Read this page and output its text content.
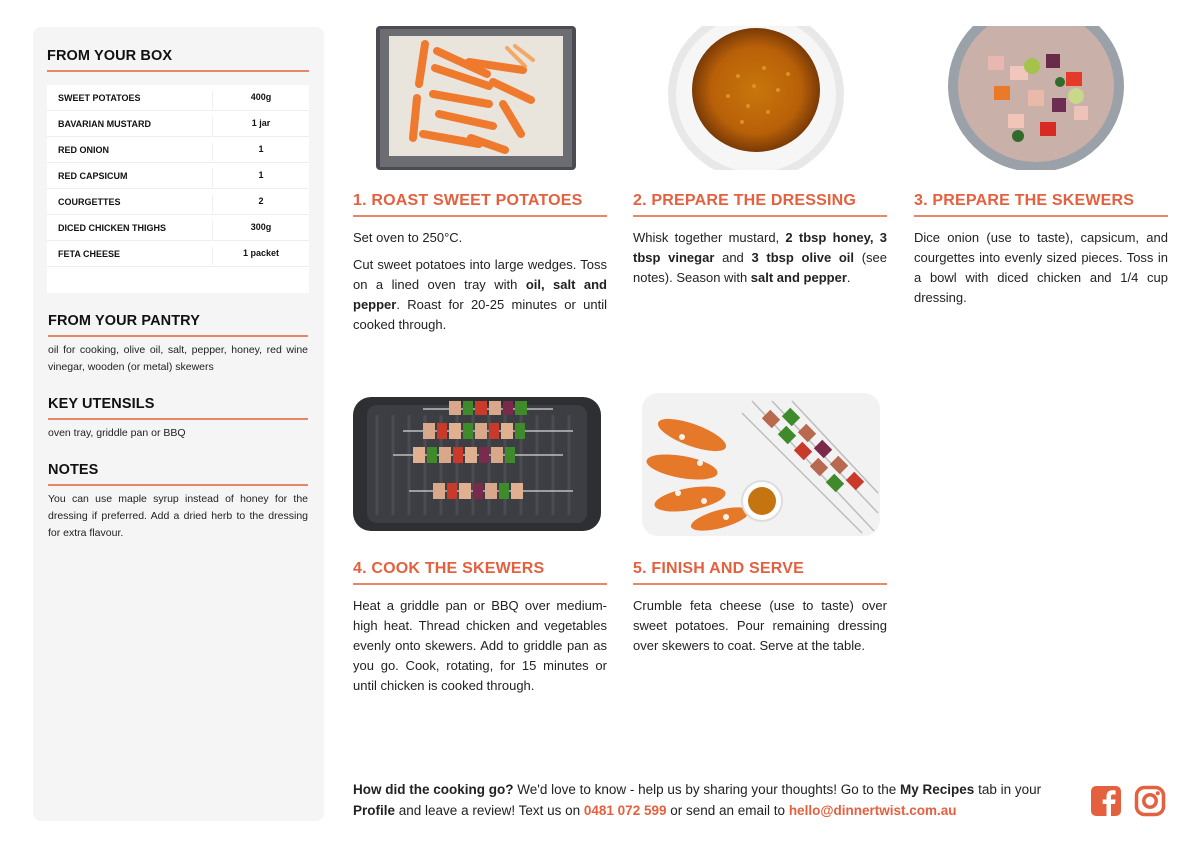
FROM YOUR BOX
SWEET POTATOES	400g
BAVARIAN MUSTARD	1 jar
RED ONION	1
RED CAPSICUM	1
COURGETTES	2
DICED CHICKEN THIGHS	300g
FETA CHEESE	1 packet
FROM YOUR PANTRY
oil for cooking, olive oil, salt, pepper, honey, red wine vinegar, wooden (or metal) skewers
KEY UTENSILS
oven tray, griddle pan or BBQ
NOTES
You can use maple syrup instead of honey for the dressing if preferred. Add a dried herb to the dressing for extra flavour.
1. ROAST SWEET POTATOES

Set oven to 250°C.

Cut sweet potatoes into large wedges. Toss on a lined oven tray with oil, salt and pepper. Roast for 20-25 minutes or until cooked through.

2. PREPARE THE DRESSING

Whisk together mustard, 2 tbsp honey, 3 tbsp vinegar and 3 tbsp olive oil (see notes). Season with salt and pepper.

3. PREPARE THE SKEWERS

Dice onion (use to taste), capsicum, and courgettes into evenly sized pieces. Toss in a bowl with diced chicken and 1/4 cup dressing.

4. COOK THE SKEWERS

Heat a griddle pan or BBQ over medium-high heat. Thread chicken and vegetables evenly onto skewers. Add to griddle pan as you go. Cook, rotating, for 15 minutes or until chicken is cooked through.

5. FINISH AND SERVE

Crumble feta cheese (use to taste) over sweet potatoes. Pour remaining dressing over skewers to coat. Serve at the table.

How did the cooking go? We'd love to know - help us by sharing your thoughts! Go to the My Recipes tab in your Profile and leave a review! Text us on 0481 072 599 or send an email to hello@dinnertwist.com.au
